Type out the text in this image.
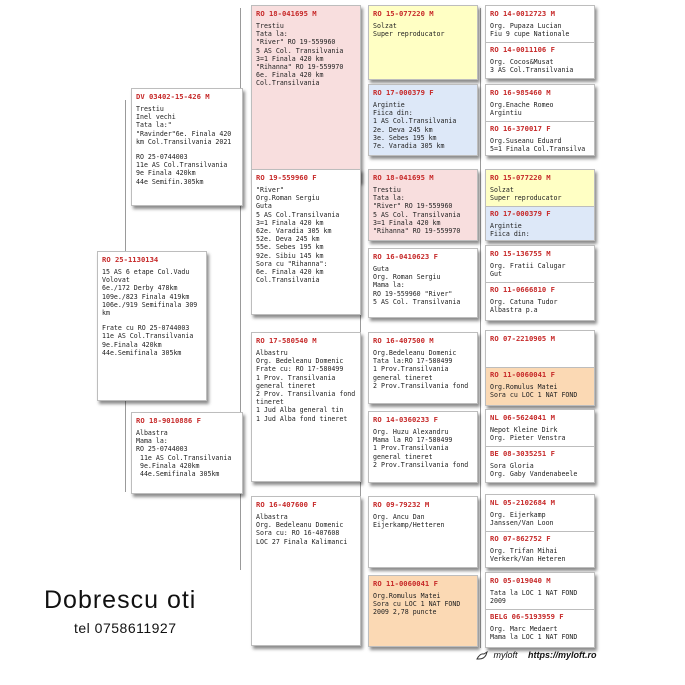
RO 25-1130134
15 AS 6 etape Col.Vadu Volovat
6e./172 Derby 478km
109e./823 Finala 419km
106e./919 Semifinala 309 km
Frate cu RO 25-0744003
11e AS Col.Transilvania
9e.Finala 420km
44e.Semifinala 305km
DV 03402-15-426 M
Trestiu
Inel vechi
Tata la:"
"Ravinder"6e. Finala 420 km Col.Transilvania 2021
RO 25-0744003
11e AS Col.Transilvania
9e Finala 420km
44e Semifin.305km
RO 18-9010886 F
Albastra
Mama la:
RO 25-0744003
11e AS Col.Transilvania
9e.Finala 420km
44e.Semifinala 305km
RO 18-041695 M
Trestiu
Tata la:
"River" RO 19-559960
5 AS Col. Transilvania
3=1 Finala 420 km
"Rihanna" RO 19-559970
6e. Finala 420 km Col.Transilvania
RO 19-559960 F
"River"
Org.Roman Sergiu
Guta
5 AS Col.Transilvania
3=1 Finala 420 km
62e. Varadia 305 km
52e. Deva 245 km
55e. Sebes 195 km
92e. Sibiu 145 km
Sora cu "Rihanna":
6e. Finala 420 km Col.Transilvania
RO 17-580540 M
Albastru
Org. Bedeleanu Domenic
Frate cu: RO 17-580499
1 Prov. Transilvania general tineret
2 Prov. Transilvania fond tineret
1 Jud Alba general tin
1 Jud Alba fond tineret
RO 16-407600 F
Albastra
Org. Bedeleanu Domenic
Sora cu: RO 16-407608
LOC 27 Finala Kalimanci
RO 15-077220 M
Solzat
Super reproducator
RO 17-000379 F
Argintie
Fiica din:
1 AS Col.Transilvania
2e. Deva 245 km
3e. Sebes 195 km
7e. Varadia 305 km
RO 18-041695 M
Trestiu
Tata la:
"River" RO 19-559960
5 AS Col. Transilvania
3=1 Finala 420 km
"Rihanna" RO 19-559970
RO 16-0410623 F
Guta
Org. Roman Sergiu
Mama la:
RO 19-559960 "River"
5 AS Col. Transilvania
RO 16-407500 M
Org.Bedeleanu Domenic
Tata la:RO 17-580499
1 Prov.Transilvania general tineret
2 Prov.Transilvania fond
RO 14-0360233 F
Org. Huzu Alexandru
Mama la RO 17-580499
1 Prov.Transilvania general tineret
2 Prov.Transilvania fond
RO 09-79232 M
Org. Ancu Dan
Eijerkamp/Hetteren
RO 11-0060041 F
Org.Romulus Matei
Sora cu LOC 1 NAT FOND
2009 2,78 puncte
RO 14-0012723 M
Org. Pupaza Lucian
Fiu 9 cupe Nationale
RO 14-0011106 F
Org. Cocos&Musat
3 AS Col.Transilvania
RO 16-985460 M
Org.Enache Romeo
Argintiu
RO 16-370017 F
Org.Suseanu Eduard
5=1 Finala Col.Transilva
RO 15-077220 M
Solzat
Super reproducator
RO 17-000379 F
Argintie
Fiica din:
RO 15-136755 M
Org. Fratii Calugar
Gut
RO 11-0666810 F
Org. Catuna Tudor
Albastra p.a
RO 07-2210905 M
RO 11-0060041 F
Org.Romulus Matei
Sora cu LOC 1 NAT FOND
NL 06-5624041 M
Nepot Kleine Dirk
Org. Pieter Venstra
BE 08-3035251 F
Sora Gloria
Org. Gaby Vandenabeele
NL 05-2102684 M
Org. Eijerkamp
Janssen/Van Loon
RO 07-862752 F
Org. Trifan Mihai
Verkerk/Van Heteren
RO 05-019040 M
Tata la LOC 1 NAT FOND
2009
BELG 06-5193959 F
Org. Marc Medaert
Mama la LOC 1 NAT FOND
Dobrescu oti
tel 0758611927
myloft https://myloft.ro
